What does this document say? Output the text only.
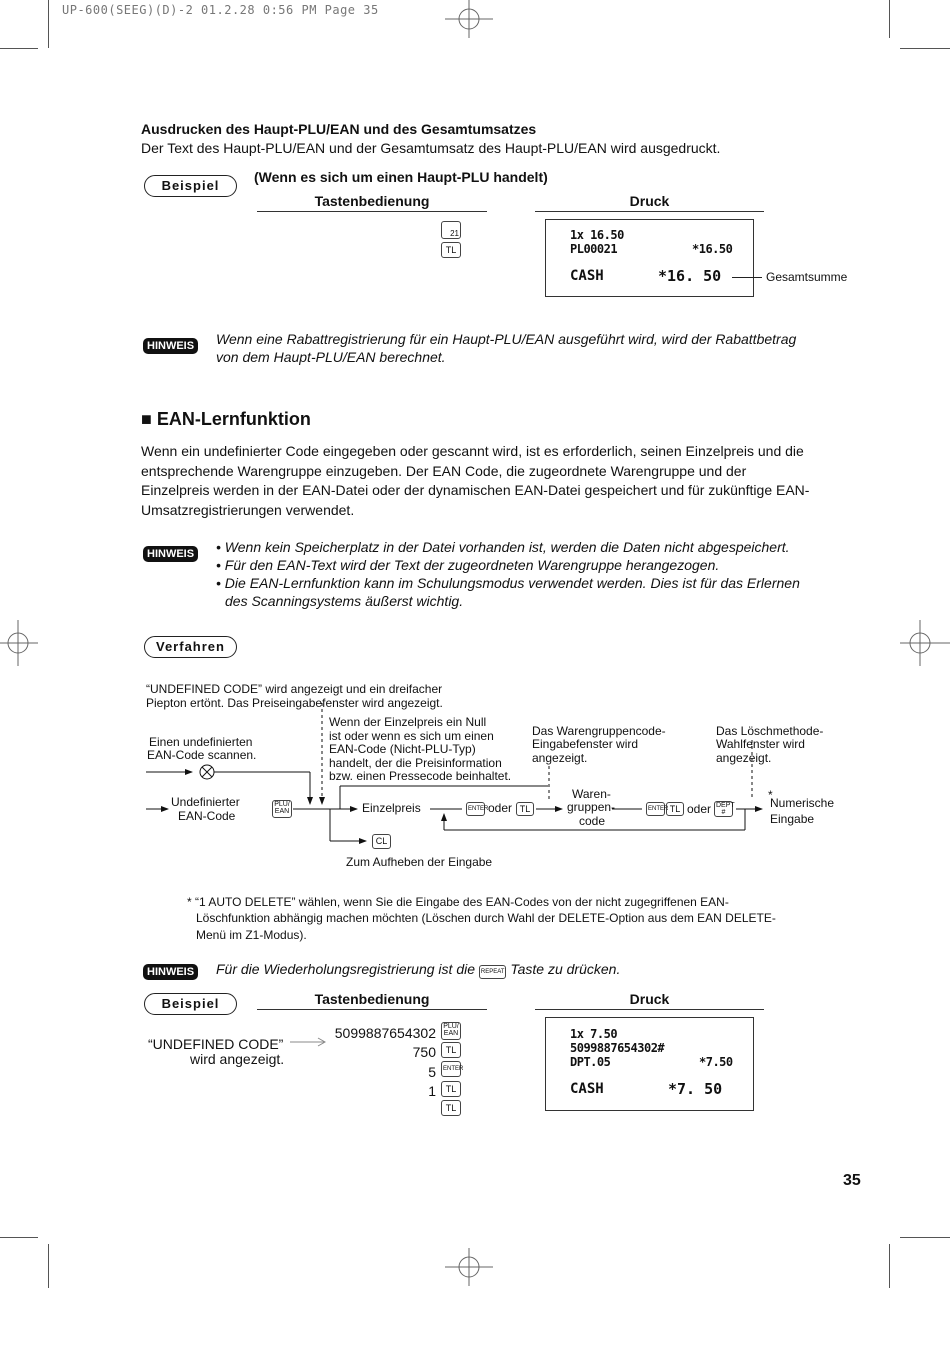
UP-600(SEEG)(D)-2 01.2.28 0:56 PM Page 35
Ausdrucken des Haupt-PLU/EAN und des Gesamtumsatzes
Der Text des Haupt-PLU/EAN und der Gesamtumsatz des Haupt-PLU/EAN wird ausgedruckt.
Beispiel
(Wenn es sich um einen Haupt-PLU handelt)
Tastenbedienung	Druck
21
TL
1x 16.50
PL00021	*16.50
CASH	*16. 50	Gesamtsumme
HINWEIS Wenn eine Rabattregistrierung für ein Haupt-PLU/EAN ausgeführt wird, wird der Rabattbetrag
von dem Haupt-PLU/EAN berechnet.
■ EAN-Lernfunktion
Wenn ein undefinierter Code eingegeben oder gescannt wird, ist es erforderlich, seinen Einzelpreis und die
entsprechende Warengruppe einzugeben. Der EAN Code, die zugeordnete Warengruppe und der
Einzelpreis werden in der EAN-Datei oder der dynamischen EAN-Datei gespeichert und für zukünftige EAN-
Umsatzregistrierungen verwendet.
HINWEIS • Wenn kein Speicherplatz in der Datei vorhanden ist, werden die Daten nicht abgespeichert.
• Für den EAN-Text wird der Text der zugeordneten Warengruppe herangezogen.
• Die EAN-Lernfunktion kann im Schulungsmodus verwendet werden. Dies ist für das Erlernen
des Scanningsystems äußerst wichtig.
Verfahren
“UNDEFINED CODE” wird angezeigt und ein dreifacher
Piepton ertönt. Das Preiseingabefenster wird angezeigt.
Einen undefinierten
EAN-Code scannen.
Wenn der Einzelpreis ein Null
ist oder wenn es sich um einen
EAN-Code (Nicht-PLU-Typ)
handelt, der die Preisinformation
bzw. einen Pressecode beinhaltet.
Das Warengruppencode-
Eingabefenster wird
angezeigt.
Das Löschmethode-
Wahlfenster wird
angezeigt.
Undefinierter
EAN-Code
PLU/
EAN	Einzelpreis	ENTER oder TL
Waren-
gruppen-
code
ENTER TL oder DEPT
#
*
Numerische
Eingabe
CL
Zum Aufheben der Eingabe
* “1 AUTO DELETE” wählen, wenn Sie die Eingabe des EAN-Codes von der nicht zugegriffenen EAN-
Löschfunktion abhängig machen möchten (Löschen durch Wahl der DELETE-Option aus dem EAN DELETE-
Menü im Z1-Modus).
HINWEIS Für die Wiederholungsregistrierung ist die REPEAT Taste zu drücken.
Beispiel	Tastenbedienung	Druck
“UNDEFINED CODE”
wird angezeigt.
5099887654302 PLU/
EAN
750	TL
5	ENTER
1	TL
TL
1x 7.50
5099887654302#
DPT.05	*7.50
CASH	*7. 50
35
